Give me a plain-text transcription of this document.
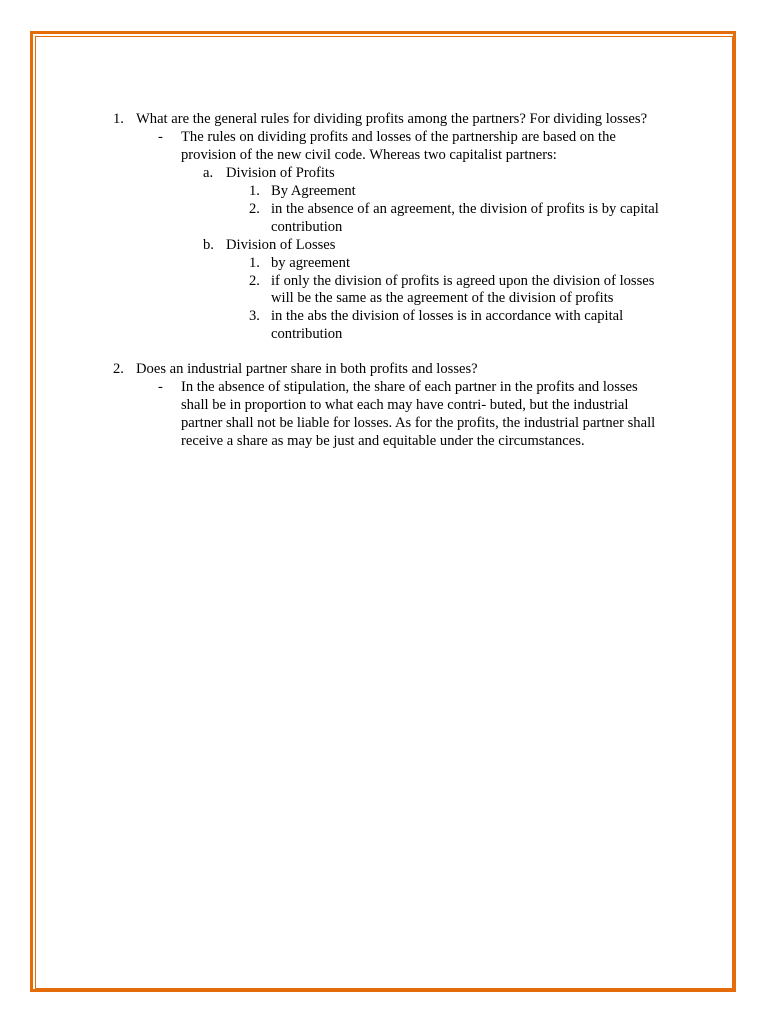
1. What are the general rules for dividing profits among the partners? For dividing losses?
- The rules on dividing profits and losses of the partnership are based on the
provision of the new civil code. Whereas two capitalist partners:
a. Division of Profits
1. By Agreement
2. in the absence of an agreement, the division of profits is by capital
contribution
b. Division of Losses
1. by agreement
2. if only the division of profits is agreed upon the division of losses
will be the same as the agreement of the division of profits
3. in the abs the division of losses is in accordance with capital
contribution
2. Does an industrial partner share in both profits and losses?
- In the absence of stipulation, the share of each partner in the profits and losses
shall be in proportion to what each may have contri- buted, but the industrial
partner shall not be liable for losses. As for the profits, the industrial partner shall
receive a share as may be just and equitable under the circumstances.
